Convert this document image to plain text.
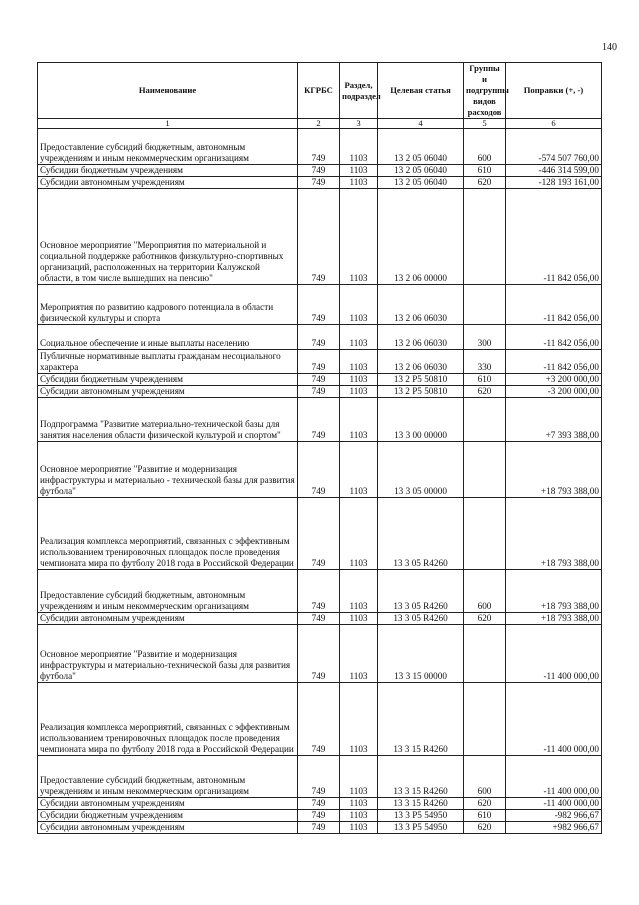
140
Наименование	КГРБС	Раздел, подраздел	Целевая статья	Группы и подгруппы видов расходов	Поправки (+, -)
1	2	3	4	5	6
Предоставление субсидий бюджетным, автономным учреждениям и иным некоммерческим организациям	749	1103	13 2 05 06040	600	-574 507 760,00
Субсидии бюджетным учреждениям	749	1103	13 2 05 06040	610	-446 314 599,00
Субсидии автономным учреждениям	749	1103	13 2 05 06040	620	-128 193 161,00
Основное мероприятие "Мероприятия по материальной и социальной поддержке работников физкультурно-спортивных организаций, расположенных на территории Калужской области, в том числе вышедших на пенсию"	749	1103	13 2 06 00000		-11 842 056,00
Мероприятия по развитию кадрового потенциала в области физической культуры и спорта	749	1103	13 2 06 06030		-11 842 056,00
Социальное обеспечение и иные выплаты населению	749	1103	13 2 06 06030	300	-11 842 056,00
Публичные нормативные выплаты гражданам несоциального характера	749	1103	13 2 06 06030	330	-11 842 056,00
Субсидии бюджетным учреждениям	749	1103	13 2 P5 50810	610	+3 200 000,00
Субсидии автономным учреждениям	749	1103	13 2 P5 50810	620	-3 200 000,00
Подпрограмма "Развитие материально-технической базы для занятия населения области физической культурой и спортом"	749	1103	13 3 00 00000		+7 393 388,00
Основное мероприятие "Развитие и модернизация инфраструктуры и материально - технической базы для развития футбола"	749	1103	13 3 05 00000		+18 793 388,00
Реализация комплекса мероприятий, связанных с эффективным использованием тренировочных площадок после проведения чемпионата мира по футболу 2018 года в Российской Федерации	749	1103	13 3 05 R4260		+18 793 388,00
Предоставление субсидий бюджетным, автономным учреждениям и иным некоммерческим организациям	749	1103	13 3 05 R4260	600	+18 793 388,00
Субсидии автономным учреждениям	749	1103	13 3 05 R4260	620	+18 793 388,00
Основное мероприятие "Развитие и модернизация инфраструктуры и материально-технической базы для развития футбола"	749	1103	13 3 15 00000		-11 400 000,00
Реализация комплекса мероприятий, связанных с эффективным использованием тренировочных площадок после проведения чемпионата мира по футболу 2018 года в Российской Федерации	749	1103	13 3 15 R4260		-11 400 000,00
Предоставление субсидий бюджетным, автономным учреждениям и иным некоммерческим организациям	749	1103	13 3 15 R4260	600	-11 400 000,00
Субсидии автономным учреждениям	749	1103	13 3 15 R4260	620	-11 400 000,00
Субсидии бюджетным учреждениям	749	1103	13 3 P5 54950	610	-982 966,67
Субсидии автономным учреждениям	749	1103	13 3 P5 54950	620	+982 966,67
